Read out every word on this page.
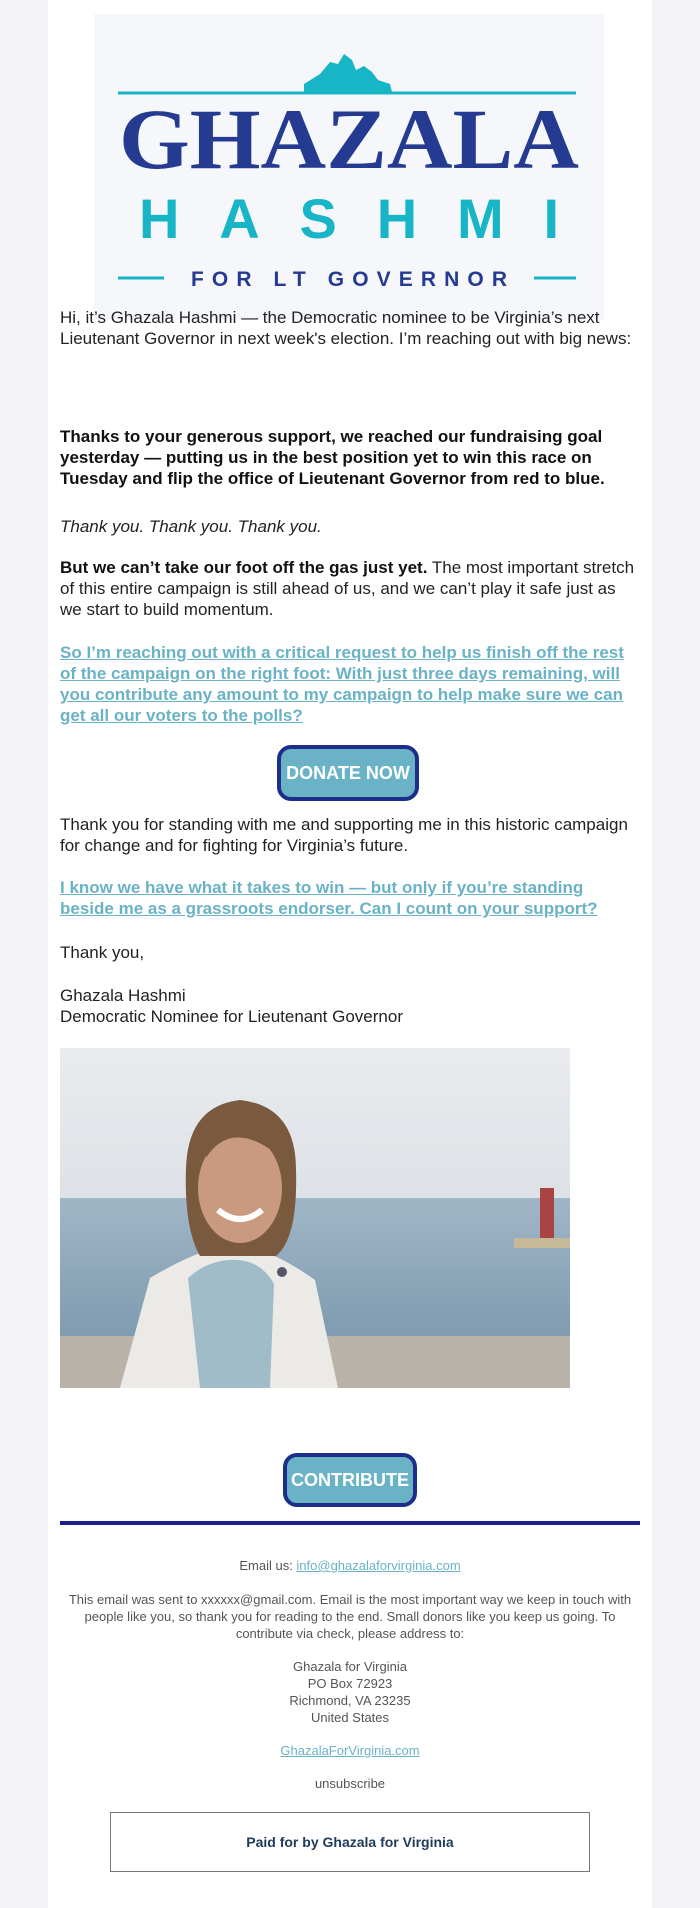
GHAZALA
HASHMI
FOR LT GOVERNOR
Hi, it’s Ghazala Hashmi — the Democratic nominee to be Virginia’s next Lieutenant Governor in next week's election. I’m reaching out with big news:
Thanks to your generous support, we reached our fundraising goal yesterday — putting us in the best position yet to win this race on Tuesday and flip the office of Lieutenant Governor from red to blue.
Thank you. Thank you. Thank you.
But we can’t take our foot off the gas just yet. The most important stretch of this entire campaign is still ahead of us, and we can’t play it safe just as we start to build momentum.
So I’m reaching out with a critical request to help us finish off the rest of the campaign on the right foot: With just three days remaining, will you contribute any amount to my campaign to help make sure we can get all our voters to the polls?
DONATE NOW
Thank you for standing with me and supporting me in this historic campaign for change and for fighting for Virginia’s future.
I know we have what it takes to win — but only if you’re standing beside me as a grassroots endorser. Can I count on your support?
Thank you,
Ghazala Hashmi
Democratic Nominee for Lieutenant Governor
CONTRIBUTE
Email us: info@ghazalaforvirginia.com
This email was sent to xxxxxx@gmail.com. Email is the most important way we keep in touch with people like you, so thank you for reading to the end. Small donors like you keep us going. To contribute via check, please address to:
Ghazala for Virginia
PO Box 72923
Richmond, VA 23235
United States
GhazalaForVirginia.com
unsubscribe
Paid for by Ghazala for Virginia
